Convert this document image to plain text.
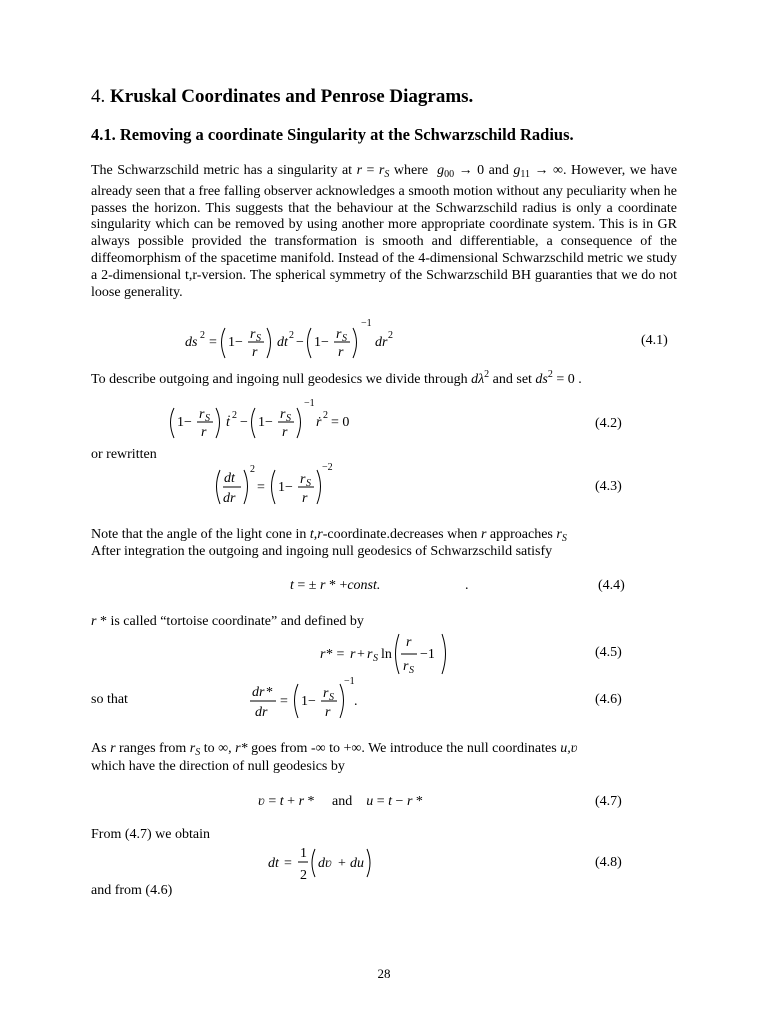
4. Kruskal Coordinates and Penrose Diagrams.
4.1. Removing a coordinate Singularity at the Schwarzschild Radius.
The Schwarzschild metric has a singularity at $r = r_S$ where  $g_{00} \to 0$ and $g_{11}$ → ∞. However, we have already seen that a free falling observer acknowledges a smooth motion without any peculiarity when he passes the horizon. This suggests that the behaviour at the Schwarzschild radius is only a coordinate singularity which can be removed by using another more appropriate coordinate system. This is in GR always possible provided the transformation is smooth and differentiable, a consequence of the diffeomorphism of the spacetime manifold. Instead of the 4-dimensional Schwarzschild metric we study a 2-dimensional t,r-version. The spherical symmetry of the Schwarzschild BH guaranties that we do not loose generality.
ds 2 = 1−
r S
r
dt 2 − 1−
r S
r
−1
dr 2	(4.1)
To describe outgoing and ingoing null geodesics we divide through $d\lambda^2$ and set $ds^2 = 0$ .
1−
r S
r
ṫ 2 − 1−
r S
r
−1
ṙ 2 = 0	(4.2)
or rewritten
dt
dr
2
= 1−
r S
r
−2
(4.3)
Note that the angle of the light cone in t,r-coordinate.decreases when r approaches $r_S$
After integration the outgoing and ingoing null geodesics of Schwarzschild satisfy
t = ± r * +const.	.	(4.4)
r * is called “tortoise coordinate” and defined by
r * = r + r S ln
r
r S
−1	(4.5)
so that	dr *
dr
= 1−
r S
r
−1
.	(4.6)
As r ranges from $r_S$ to ∞, r* goes from -∞ to +∞. We introduce the null coordinates u,ʋ
which have the direction of null geodesics by
ʋ = t + r *     and u = t − r *	(4.7)
From (4.7) we obtain
dt =
1
2
dʋ + du	(4.8)
and from (4.6)
28
